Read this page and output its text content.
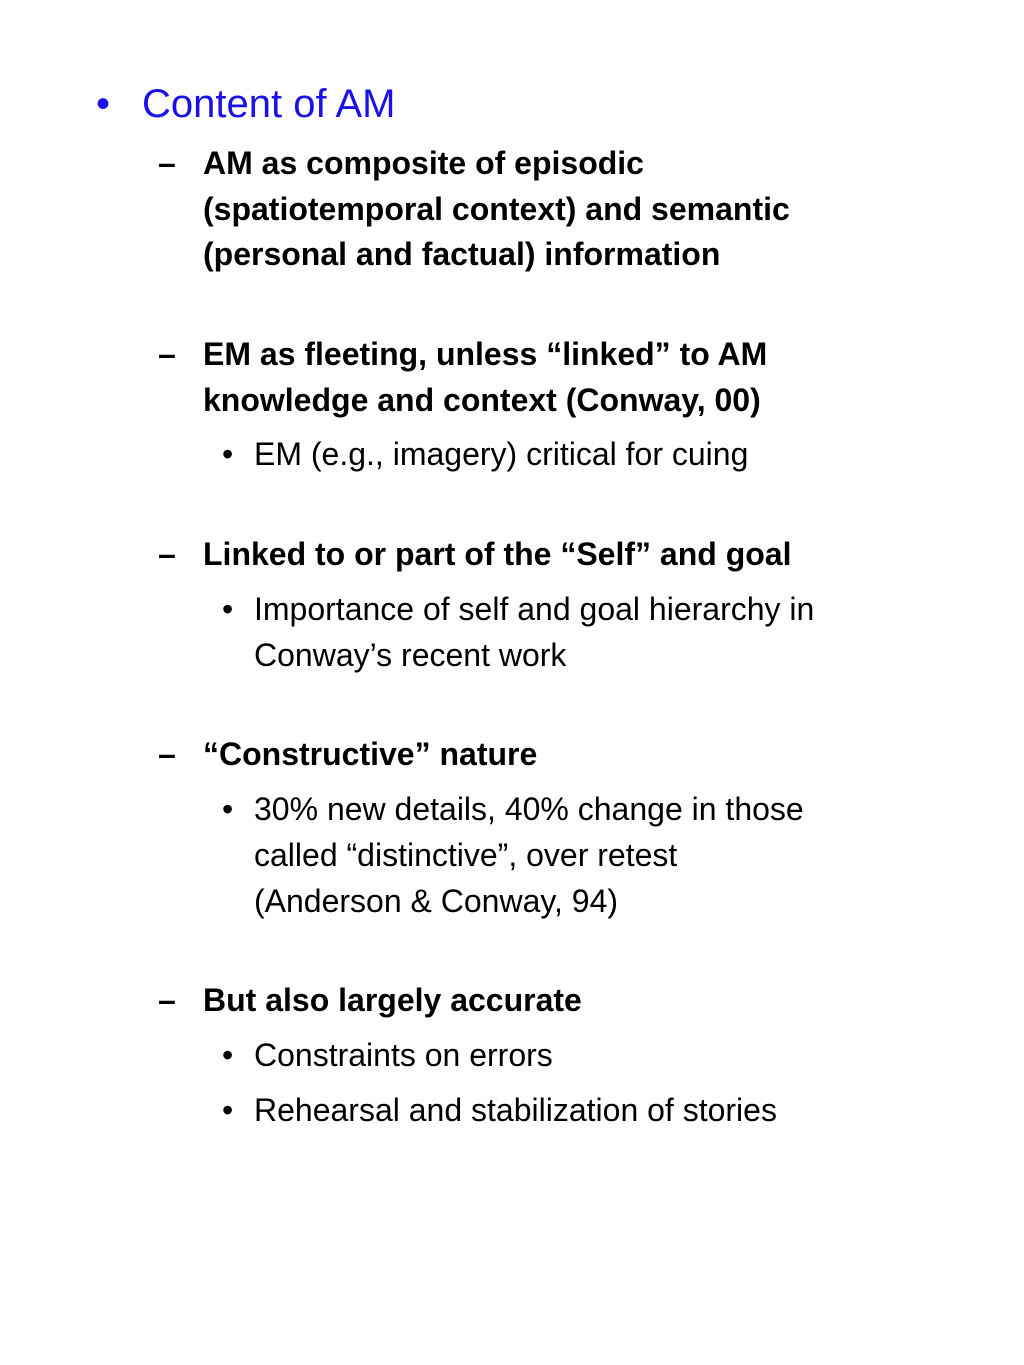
• Content of AM
– AM as composite of episodic
(spatiotemporal context) and semantic
(personal and factual) information
– EM as fleeting, unless “linked” to AM
knowledge and context (Conway, 00)
• EM (e.g., imagery) critical for cuing
– Linked to or part of the “Self” and goal
• Importance of self and goal hierarchy in
Conway’s recent work
– “Constructive” nature
• 30% new details, 40% change in those
called “distinctive”, over retest
(Anderson & Conway, 94)
– But also largely accurate
• Constraints on errors
• Rehearsal and stabilization of stories
